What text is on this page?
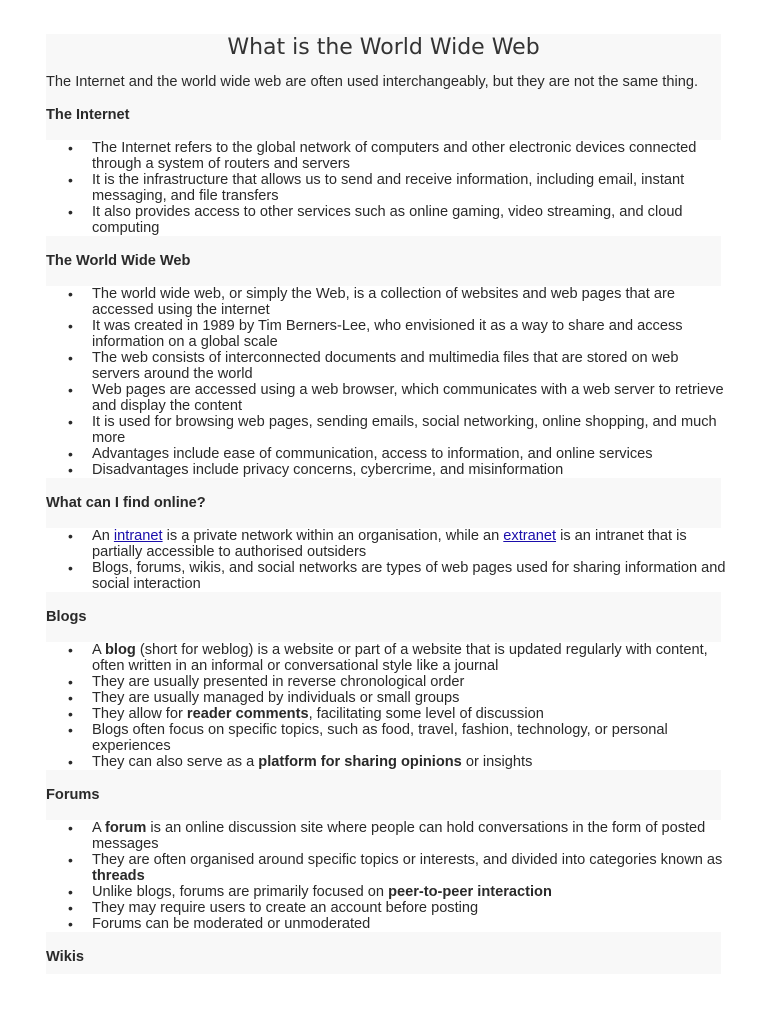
What is the World Wide Web

The Internet and the world wide web are often used interchangeably, but they are not the same thing.

The Internet
• The Internet refers to the global network of computers and other electronic devices connected through a system of routers and servers
• It is the infrastructure that allows us to send and receive information, including email, instant messaging, and file transfers
• It also provides access to other services such as online gaming, video streaming, and cloud computing
The World Wide Web
• The world wide web, or simply the Web, is a collection of websites and web pages that are accessed using the internet
• It was created in 1989 by Tim Berners-Lee, who envisioned it as a way to share and access information on a global scale
• The web consists of interconnected documents and multimedia files that are stored on web servers around the world
• Web pages are accessed using a web browser, which communicates with a web server to retrieve and display the content
• It is used for browsing web pages, sending emails, social networking, online shopping, and much more
• Advantages include ease of communication, access to information, and online services
• Disadvantages include privacy concerns, cybercrime, and misinformation
What can I find online?
• An intranet is a private network within an organisation, while an extranet is an intranet that is partially accessible to authorised outsiders
• Blogs, forums, wikis, and social networks are types of web pages used for sharing information and social interaction
Blogs
• A blog (short for weblog) is a website or part of a website that is updated regularly with content, often written in an informal or conversational style like a journal
• They are usually presented in reverse chronological order
• They are usually managed by individuals or small groups
• They allow for reader comments, facilitating some level of discussion
• Blogs often focus on specific topics, such as food, travel, fashion, technology, or personal experiences
• They can also serve as a platform for sharing opinions or insights
Forums
• A forum is an online discussion site where people can hold conversations in the form of posted messages
• They are often organised around specific topics or interests, and divided into categories known as threads
• Unlike blogs, forums are primarily focused on peer-to-peer interaction
• They may require users to create an account before posting
• Forums can be moderated or unmoderated
Wikis
